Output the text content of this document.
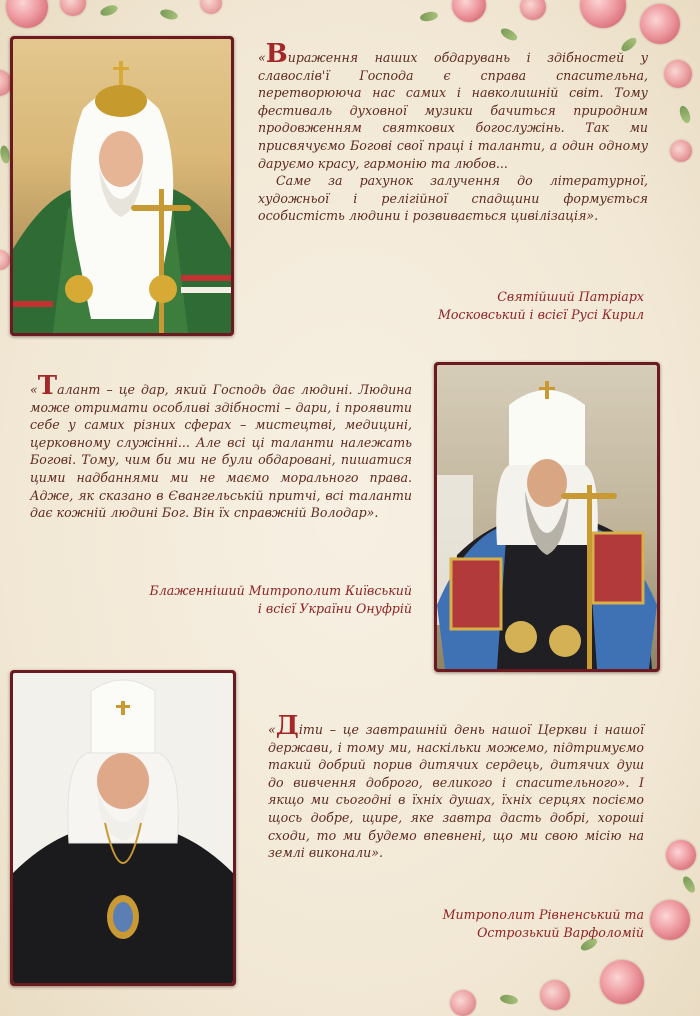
«Вираження наших обдарувань і здібностей у славослів'ї Господа є справа спасительна, перетворююча нас самих і навколишній світ. Тому фестиваль духовної музики бачиться природним продовженням святкових богослужінь. Так ми присвячуємо Богові свої праці і таланти, а один одному даруємо красу, гармонію та любов...

Саме за рахунок залучення до літературної, художньої і релігійної спадщини формується особистість людини і розвивається цивілізація».

Святійший Патріарх
Московський і всієї Русі Кирил

«Талант – це дар, який Господь дає людині. Людина може отримати особливі здібності – дари, і проявити себе у самих різних сферах – мистецтві, медицині, церковному служінні... Але всі ці таланти належать Богові. Тому, чим би ми не були обдаровані, пишатися цими надбаннями ми не маємо морального права. Адже, як сказано в Євангельській притчі, всі таланти дає кожній людині Бог. Він їх справжній Володар».

Блаженніший Митрополит Київський
і всієї України Онуфрій

«Діти – це завтрашній день нашої Церкви і нашої держави, і тому ми, наскільки можемо, підтримуємо такий добрий порив дитячих сердець, дитячих душ до вивчення доброго, великого і спасительного». І якщо ми сьогодні в їхніх душах, їхніх серцях посіємо щось добре, щире, яке завтра дасть добрі, хороші сходи, то ми будемо впевнені, що ми свою місію на землі виконали».

Митрополит Рівненський та
Острозький Варфоломій
